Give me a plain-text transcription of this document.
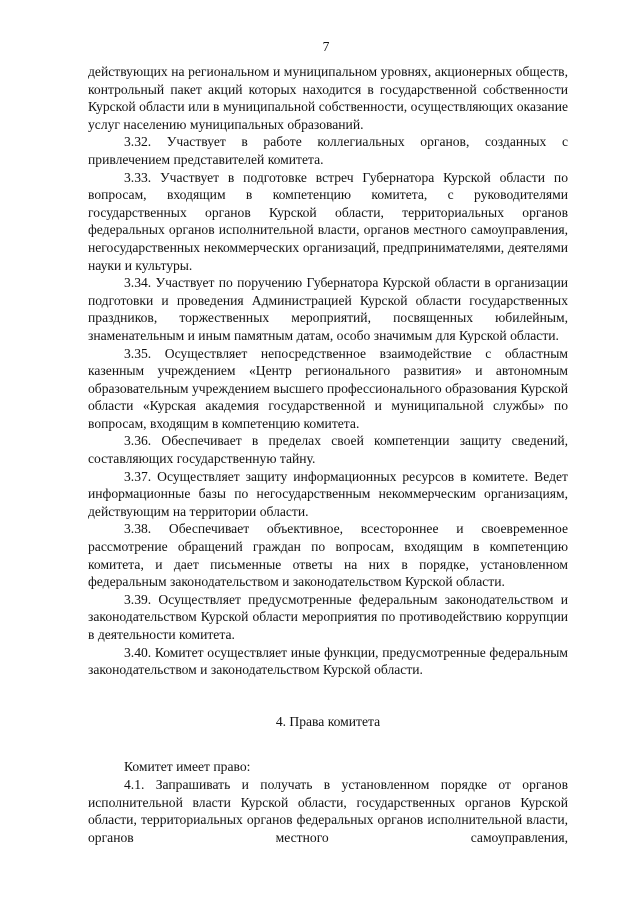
7

действующих на региональном и муниципальном уровнях, акционерных обществ, контрольный пакет акций которых находится в государственной собственности Курской области или в муниципальной собственности, осуществляющих оказание услуг населению муниципальных образований.

3.32. Участвует в работе коллегиальных органов, созданных с привлечением представителей комитета.

3.33. Участвует в подготовке встреч Губернатора Курской области по вопросам, входящим в компетенцию комитета, с руководителями государственных органов Курской области, территориальных органов федеральных органов исполнительной власти, органов местного самоуправления, негосударственных некоммерческих организаций, предпринимателями, деятелями науки и культуры.

3.34. Участвует по поручению Губернатора Курской области в организации подготовки и проведения Администрацией Курской области государственных праздников, торжественных мероприятий, посвященных юбилейным, знаменательным и иным памятным датам, особо значимым для Курской области.

3.35. Осуществляет непосредственное взаимодействие с областным казенным учреждением «Центр регионального развития» и автономным образовательным учреждением высшего профессионального образования Курской области «Курская академия государственной и муниципальной службы» по вопросам, входящим в компетенцию комитета.

3.36. Обеспечивает в пределах своей компетенции защиту сведений, составляющих государственную тайну.

3.37. Осуществляет защиту информационных ресурсов в комитете. Ведет информационные базы по негосударственным некоммерческим организациям, действующим на территории области.

3.38. Обеспечивает объективное, всестороннее и своевременное рассмотрение обращений граждан по вопросам, входящим в компетенцию комитета, и дает письменные ответы на них в порядке, установленном федеральным законодательством и законодательством Курской области.

3.39. Осуществляет предусмотренные федеральным законодательством и законодательством Курской области мероприятия по противодействию коррупции в деятельности комитета.

3.40. Комитет осуществляет иные функции, предусмотренные федеральным законодательством и законодательством Курской области.

4. Права комитета

Комитет имеет право:

4.1. Запрашивать и получать в установленном порядке от органов исполнительной власти Курской области, государственных органов Курской области, территориальных органов федеральных органов исполнительной власти, органов местного самоуправления,
